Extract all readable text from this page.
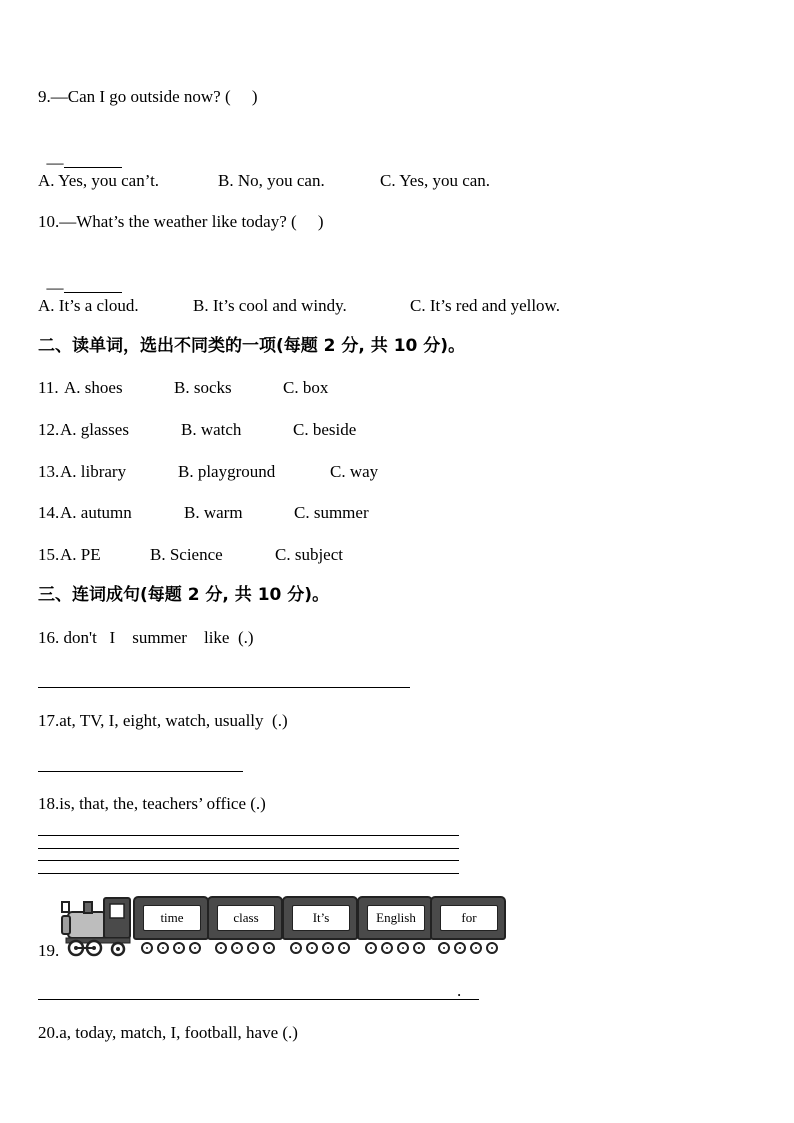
9.—Can I go outside now? (     )

—

A. Yes, you can’t.

	B. No, you can.

	C. Yes, you can.

10.—What’s the weather like today? (     )

—

A. It’s a cloud.

	B. It’s cool and windy.

	C. It’s red and yellow.

二、读单词，选出不同类的一项(每题 2 分, 共 10 分)。

11.

A. shoes

	B. socks

	C. box

12.

A. glasses

	B. watch

	C. beside

13.

A. library

	B. playground

	C. way

14.

A. autumn

	B. warm

	C. summer

15.

A. PE

	B. Science

	C. subject

三、连词成句(每题 2 分, 共 10 分)。
16. don't   I    summer    like  (.)
17.at, TV, I, eight, watch, usually  (.)
18.is, that, the, teachers’ office (.)
19.
time	class	It’s	English	for
.
20.a, today, match, I, football, have (.)
